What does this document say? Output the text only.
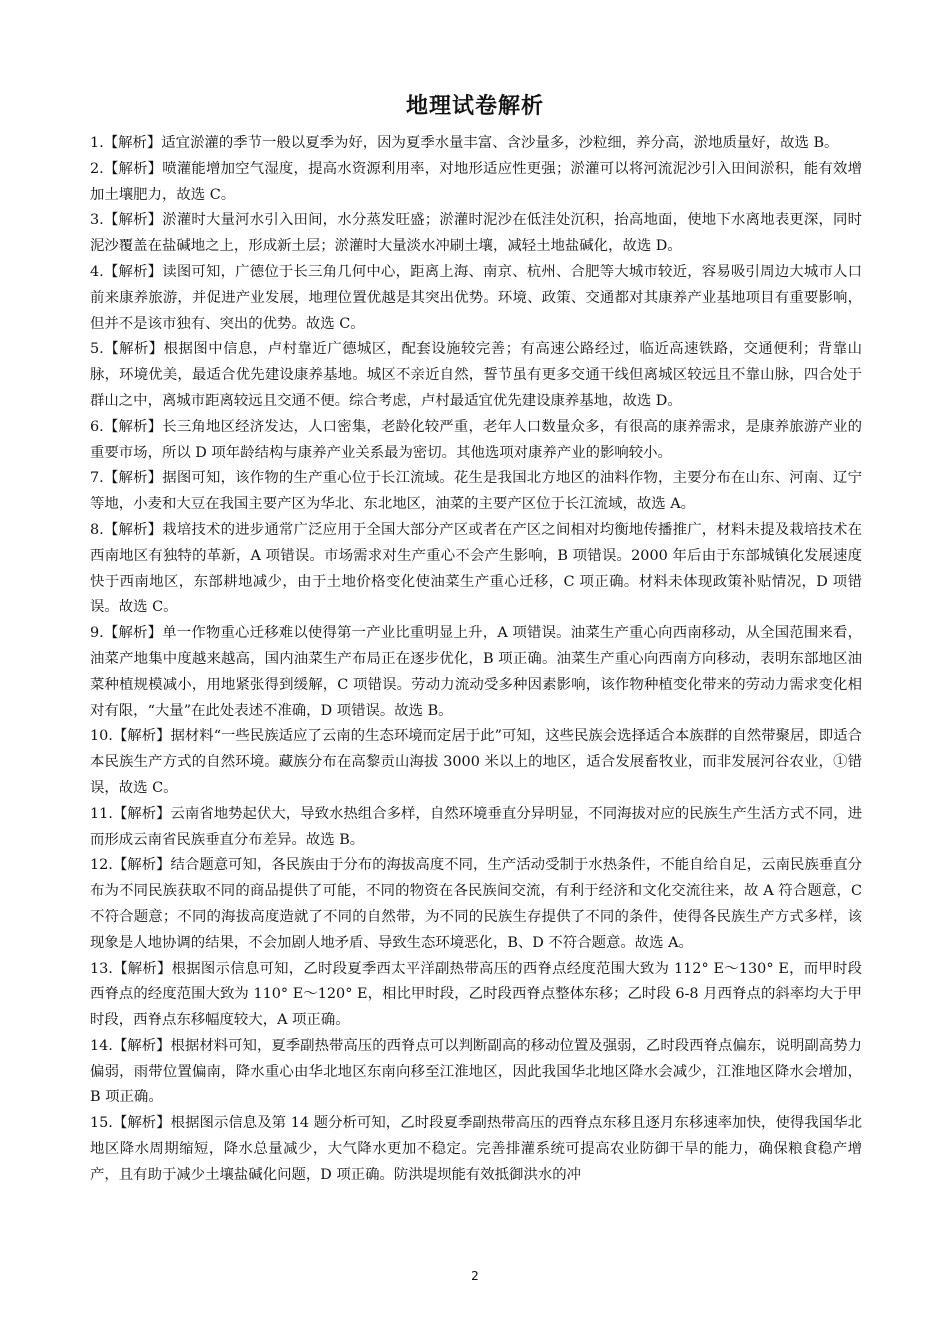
地理试卷解析

1.【解析】适宜淤灌的季节一般以夏季为好，因为夏季水量丰富、含沙量多，沙粒细，养分高，淤地质量好，故选 B。

2.【解析】喷灌能增加空气湿度，提高水资源利用率，对地形适应性更强；淤灌可以将河流泥沙引入田间淤积，能有效增加土壤肥力，故选 C。

3.【解析】淤灌时大量河水引入田间，水分蒸发旺盛；淤灌时泥沙在低洼处沉积，抬高地面，使地下水离地表更深，同时泥沙覆盖在盐碱地之上，形成新土层；淤灌时大量淡水冲刷土壤，减轻土地盐碱化，故选 D。

4.【解析】读图可知，广德位于长三角几何中心，距离上海、南京、杭州、合肥等大城市较近，容易吸引周边大城市人口前来康养旅游，并促进产业发展，地理位置优越是其突出优势。环境、政策、交通都对其康养产业基地项目有重要影响，但并不是该市独有、突出的优势。故选 C。

5.【解析】根据图中信息，卢村靠近广德城区，配套设施较完善；有高速公路经过，临近高速铁路，交通便利；背靠山脉，环境优美，最适合优先建设康养基地。城区不亲近自然，誓节虽有更多交通干线但离城区较远且不靠山脉，四合处于群山之中，离城市距离较远且交通不便。综合考虑，卢村最适宜优先建设康养基地，故选 D。

6.【解析】长三角地区经济发达，人口密集，老龄化较严重，老年人口数量众多，有很高的康养需求，是康养旅游产业的重要市场，所以 D 项年龄结构与康养产业关系最为密切。其他选项对康养产业的影响较小。

7.【解析】据图可知，该作物的生产重心位于长江流域。花生是我国北方地区的油料作物，主要分布在山东、河南、辽宁等地，小麦和大豆在我国主要产区为华北、东北地区，油菜的主要产区位于长江流域，故选 A。

8.【解析】栽培技术的进步通常广泛应用于全国大部分产区或者在产区之间相对均衡地传播推广，材料未提及栽培技术在西南地区有独特的革新，A 项错误。市场需求对生产重心不会产生影响，B 项错误。2000 年后由于东部城镇化发展速度快于西南地区，东部耕地减少，由于土地价格变化使油菜生产重心迁移，C 项正确。材料未体现政策补贴情况，D 项错误。故选 C。

9.【解析】单一作物重心迁移难以使得第一产业比重明显上升，A 项错误。油菜生产重心向西南移动，从全国范围来看，油菜产地集中度越来越高，国内油菜生产布局正在逐步优化，B 项正确。油菜生产重心向西南方向移动，表明东部地区油菜种植规模减小，用地紧张得到缓解，C 项错误。劳动力流动受多种因素影响，该作物种植变化带来的劳动力需求变化相对有限，“大量”在此处表述不准确，D 项错误。故选 B。

10.【解析】据材料“一些民族适应了云南的生态环境而定居于此”可知，这些民族会选择适合本族群的自然带聚居，即适合本民族生产方式的自然环境。藏族分布在高黎贡山海拔 3000 米以上的地区，适合发展畜牧业，而非发展河谷农业，①错误，故选 C。

11.【解析】云南省地势起伏大，导致水热组合多样，自然环境垂直分异明显，不同海拔对应的民族生产生活方式不同，进而形成云南省民族垂直分布差异。故选 B。

12.【解析】结合题意可知，各民族由于分布的海拔高度不同，生产活动受制于水热条件，不能自给自足，云南民族垂直分布为不同民族获取不同的商品提供了可能，不同的物资在各民族间交流，有利于经济和文化交流往来，故 A 符合题意，C 不符合题意；不同的海拔高度造就了不同的自然带，为不同的民族生存提供了不同的条件，使得各民族生产方式多样，该现象是人地协调的结果，不会加剧人地矛盾、导致生态环境恶化，B、D 不符合题意。故选 A。

13.【解析】根据图示信息可知，乙时段夏季西太平洋副热带高压的西脊点经度范围大致为 112° E～130° E，而甲时段西脊点的经度范围大致为 110° E～120° E，相比甲时段，乙时段西脊点整体东移；乙时段 6-8 月西脊点的斜率均大于甲时段，西脊点东移幅度较大，A 项正确。

14.【解析】根据材料可知，夏季副热带高压的西脊点可以判断副高的移动位置及强弱，乙时段西脊点偏东，说明副高势力偏弱，雨带位置偏南，降水重心由华北地区东南向移至江淮地区，因此我国华北地区降水会减少，江淮地区降水会增加，B 项正确。

15.【解析】根据图示信息及第 14 题分析可知，乙时段夏季副热带高压的西脊点东移且逐月东移速率加快，使得我国华北地区降水周期缩短，降水总量减少，大气降水更加不稳定。完善排灌系统可提高农业防御干旱的能力，确保粮食稳产增产，且有助于减少土壤盐碱化问题，D 项正确。防洪堤坝能有效抵御洪水的冲

2
